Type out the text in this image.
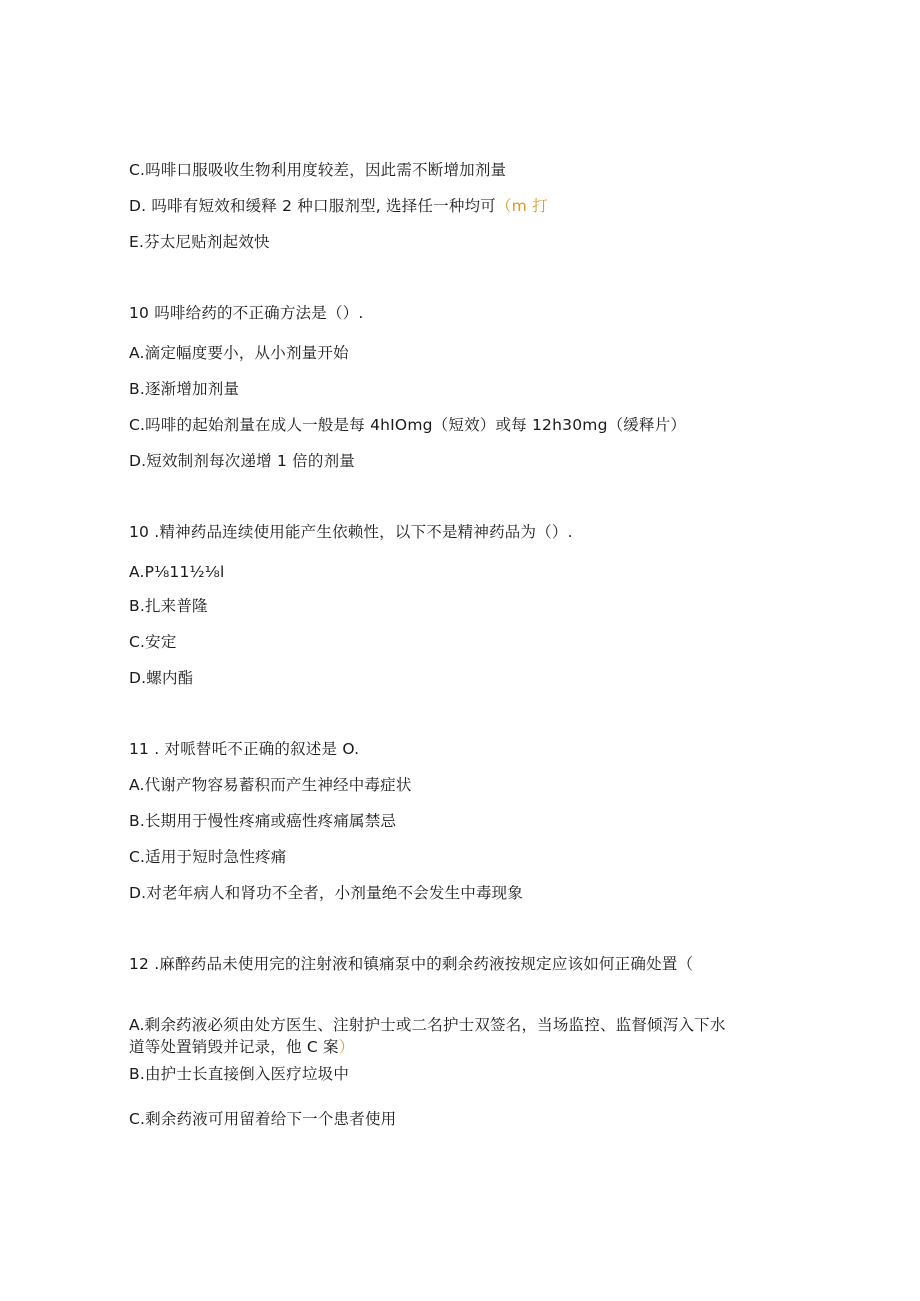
C.吗啡口服吸收生物利用度较差，因此需不断增加剂量
D. 吗啡有短效和缓释 2 种口服剂型, 选择任一种均可（m 打
E.芬太尼贴剂起效快
10 吗啡给药的不正确方法是（）.
A.滴定幅度要小，从小剂量开始
B.逐渐增加剂量
C.吗啡的起始剂量在成人一般是每 4hIOmg（短效）或每 12h30mg（缓释片）
D.短效制剂每次递增 1 倍的剂量
10 .精神药品连续使用能产生依赖性，以下不是精神药品为（）.
A.P⅛11½⅛l
B.扎来普隆
C.安定
D.螺内酯
11 . 对哌替吒不正确的叙述是 O.
A.代谢产物容易蓄积而产生神经中毒症状
B.长期用于慢性疼痛或癌性疼痛属禁忌
C.适用于短时急性疼痛
D.对老年病人和肾功不全者，小剂量绝不会发生中毒现象
12 .麻醉药品未使用完的注射液和镇痛泵中的剩余药液按规定应该如何正确处置（
A.剩余药液必须由处方医生、注射护士或二名护士双签名，当场监控、监督倾泻入下水
道等处置销毁并记录，他 C 案）
B.由护士长直接倒入医疗垃圾中
C.剩余药液可用留着给下一个患者使用
